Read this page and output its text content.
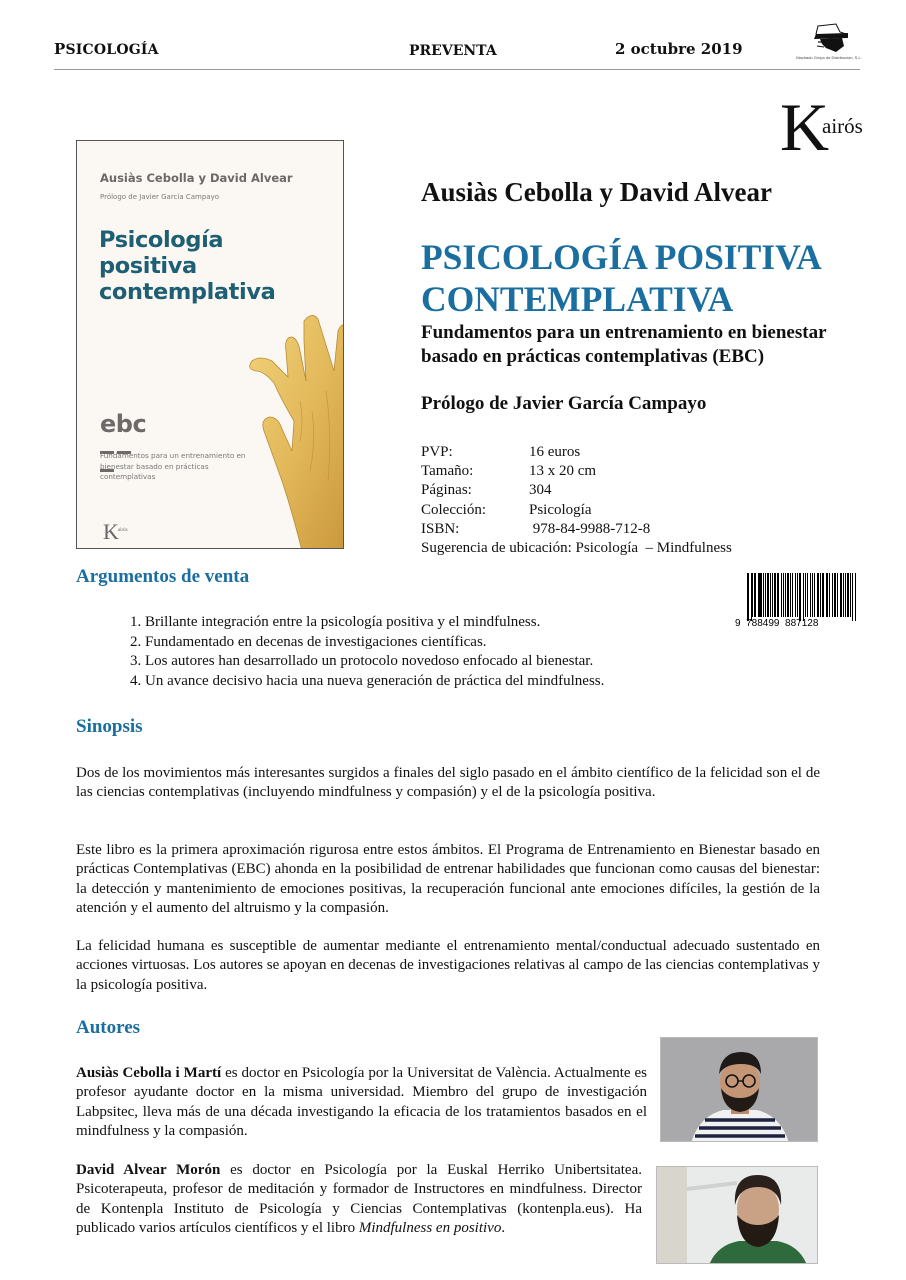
PSICOLOGÍA	PREVENTA	2 octubre 2019	Machado Grupo de Distribución, S.L.
K
airós
Ausiàs Cebolla y David Alvear
Prólogo de Javier García Campayo
Psicología
positiva
contemplativa
ebc
Fundamentos para un entrenamiento en bienestar basado en prácticas contemplativas
$K^{airós}$
Ausiàs Cebolla y David Alvear
PSICOLOGÍA POSITIVA
CONTEMPLATIVA
Fundamentos para un entrenamiento en bienestar
basado en prácticas contemplativas (EBC)
Prólogo de Javier García Campayo
PVP:	16 euros
Tamaño:	13 x 20 cm
Páginas:	304
Colección:	Psicología
ISBN:	978-84-9988-712-8
Sugerencia de ubicación:
Psicología  – Mindfulness
9  788499  887128
Argumentos de venta
1. Brillante integración entre la psicología positiva y el mindfulness.
2. Fundamentado en decenas de investigaciones científicas.
3. Los autores han desarrollado un protocolo novedoso enfocado al bienestar.
4. Un avance decisivo hacia una nueva generación de práctica del mindfulness.
Sinopsis

Dos de los movimientos más interesantes surgidos a finales del siglo pasado en el ámbito científico de la felicidad son el de las ciencias contemplativas (incluyendo mindfulness y compasión) y el de la psicología positiva.

Este libro es la primera aproximación rigurosa entre estos ámbitos. El Programa de Entrenamiento en Bienestar basado en prácticas Contemplativas (EBC) ahonda en la posibilidad de entrenar habilidades que funcionan como causas del bienestar: la detección y mantenimiento de emociones positivas, la recuperación funcional ante emociones difíciles, la gestión de la atención y el aumento del altruismo y la compasión.

La felicidad humana es susceptible de aumentar mediante el entrenamiento mental/conductual adecuado sustentado en acciones virtuosas. Los autores se apoyan en decenas de investigaciones relativas al campo de las ciencias contemplativas y la psicología positiva.

Autores

Ausiàs Cebolla i Martí es doctor en Psicología por la Universitat de València. Actualmente es profesor ayudante doctor en la misma universidad. Miembro del grupo de investigación Labpsitec, lleva más de una década investigando la eficacia de los tratamientos basados en el mindfulness y la compasión.

David Alvear Morón es doctor en Psicología por la Euskal Herriko Unibertsitatea. Psicoterapeuta, profesor de meditación y formador de Instructores en mindfulness. Director de Kontenpla Instituto de Psicología y Ciencias Contemplativas (kontenpla.eus). Ha publicado varios artículos científicos y el libro Mindfulness en positivo.
